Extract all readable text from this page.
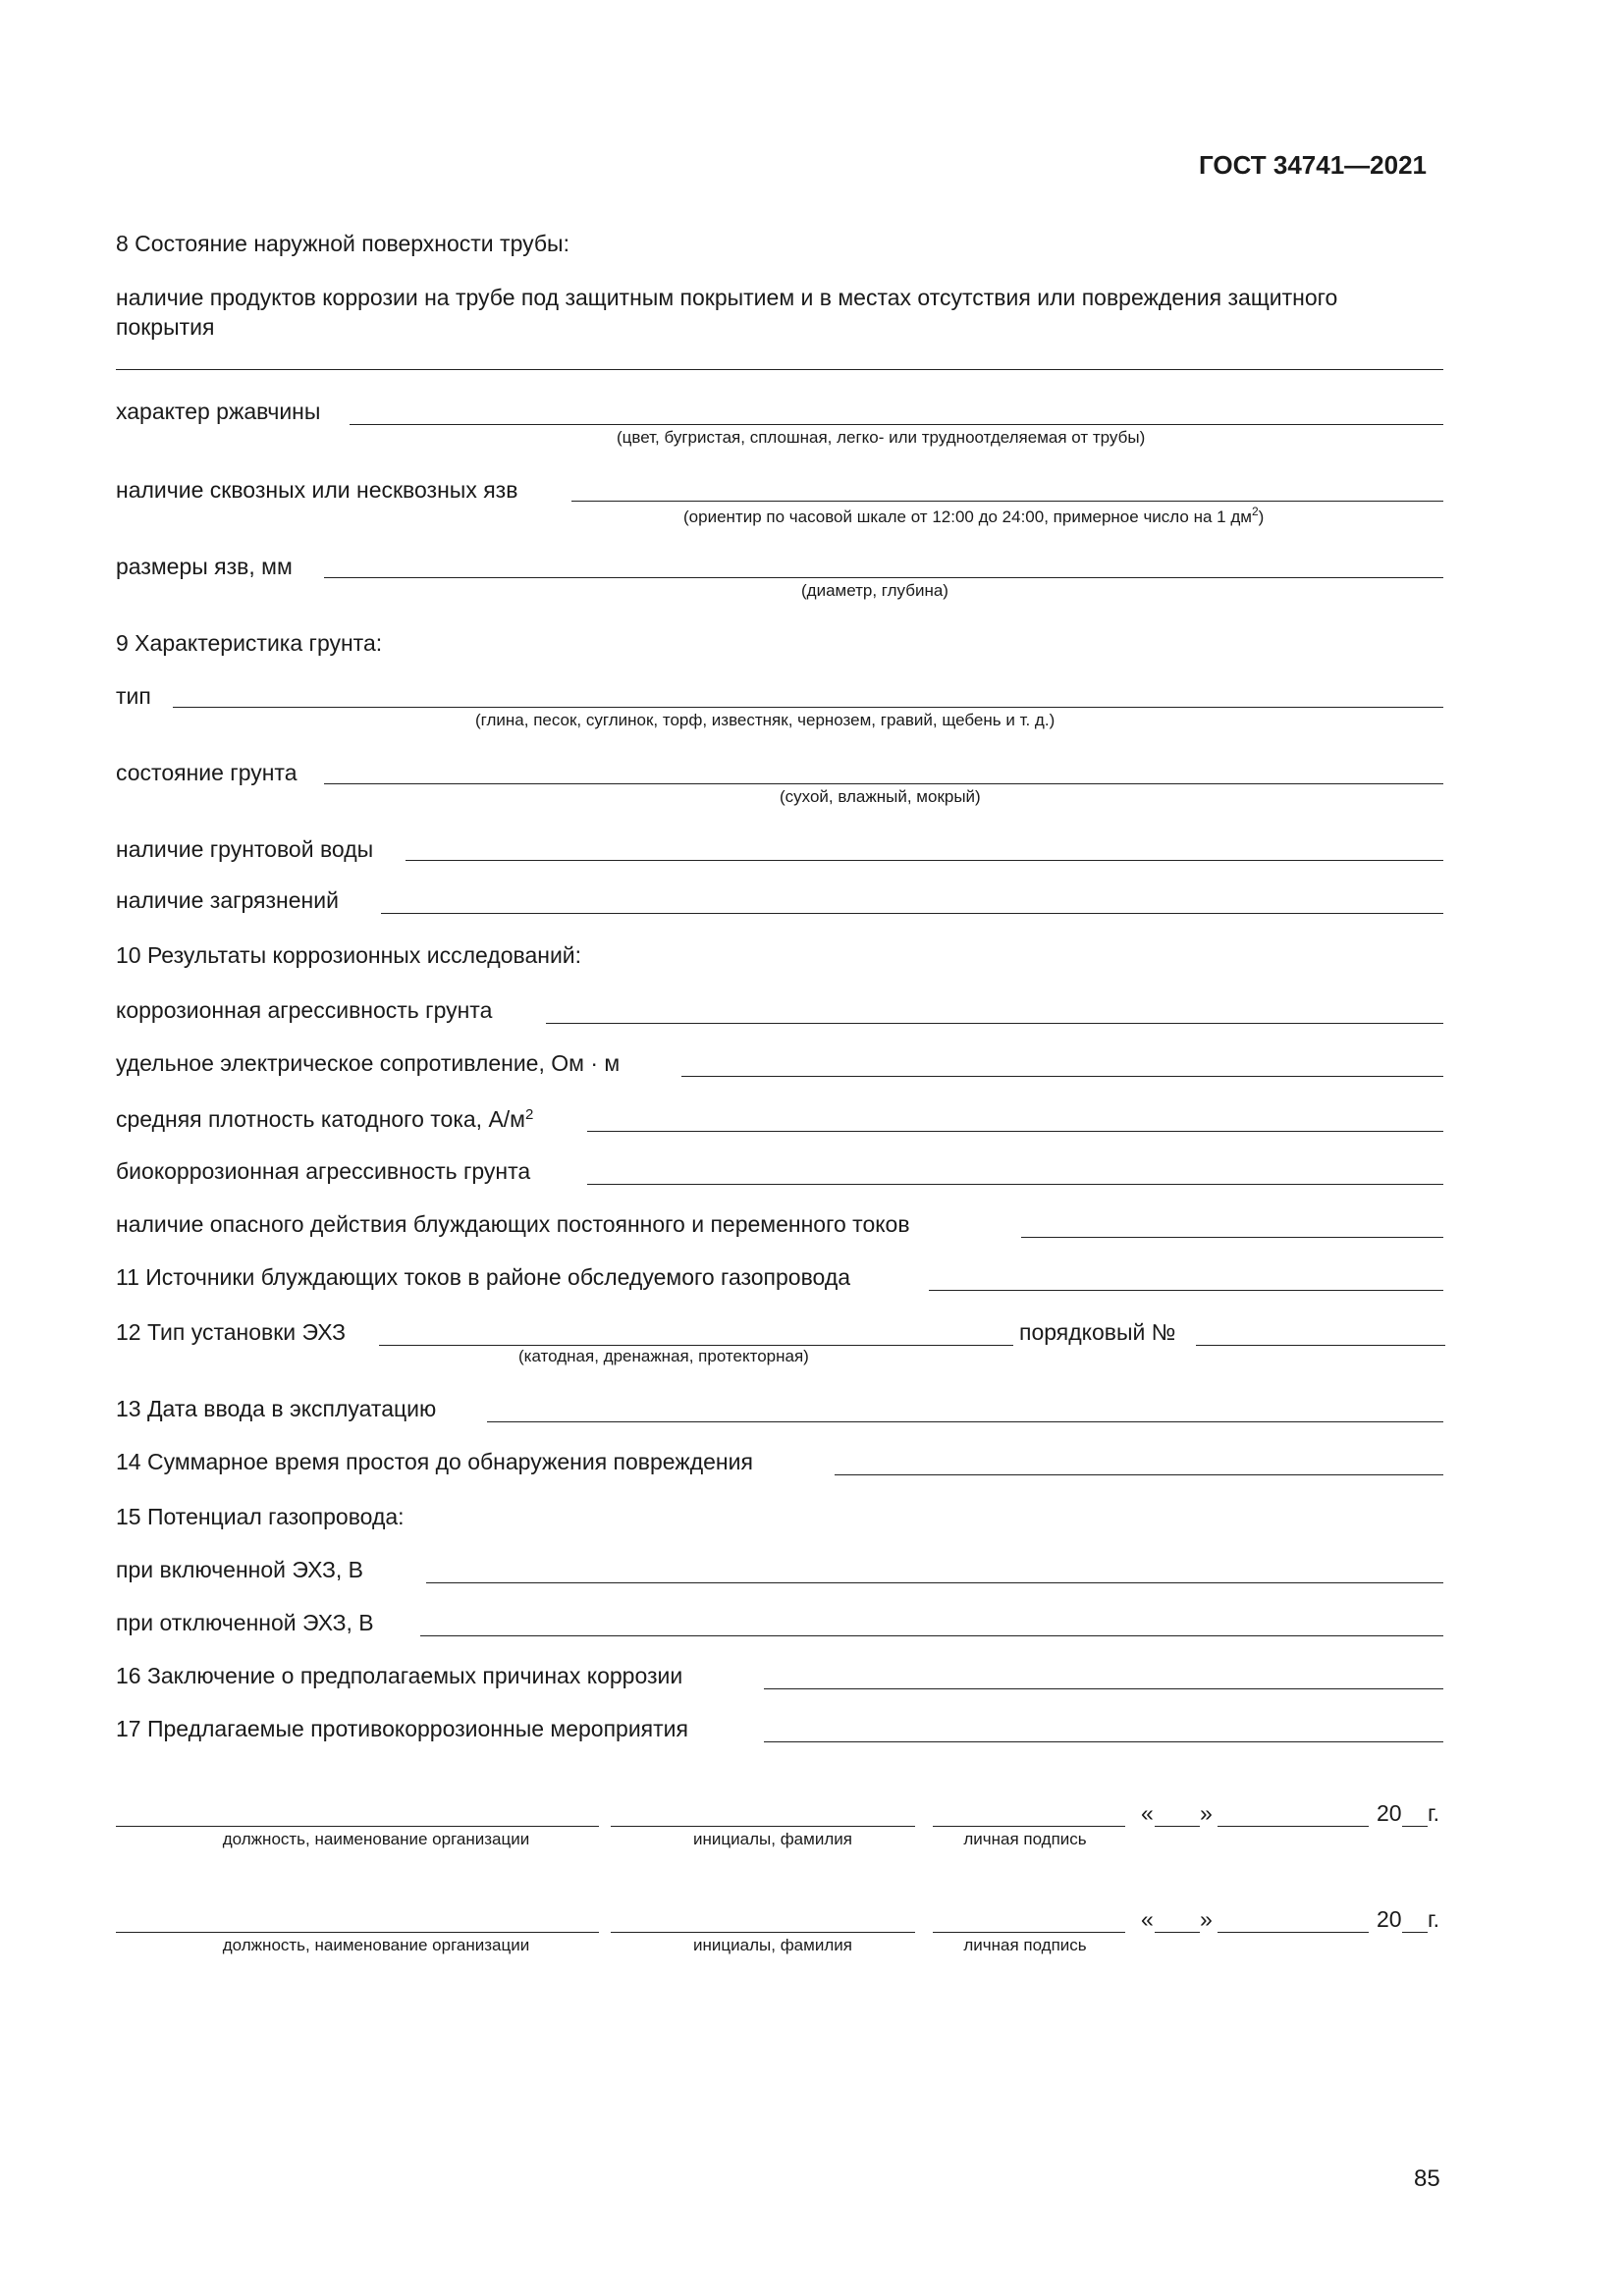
ГОСТ 34741—2021
8 Состояние наружной поверхности трубы:
наличие продуктов коррозии на трубе под защитным покрытием и в местах отсутствия или повреждения защитного
покрытия
характер ржавчины
(цвет, бугристая, сплошная, легко- или трудноотделяемая от трубы)
наличие сквозных или несквозных язв
(ориентир по часовой шкале от 12:00 до 24:00, примерное число на 1 $дм^2$)
размеры язв, мм
(диаметр, глубина)
9 Характеристика грунта:
тип
(глина, песок, суглинок, торф, известняк, чернозем, гравий, щебень и т. д.)
состояние грунта
(сухой, влажный, мокрый)
наличие грунтовой воды
наличие загрязнений
10 Результаты коррозионных исследований:
коррозионная агрессивность грунта
удельное электрическое сопротивление, Ом · м
средняя плотность катодного тока, $А/м^2$
биокоррозионная агрессивность грунта
наличие опасного действия блуждающих постоянного и переменного токов
11 Источники блуждающих токов в районе обследуемого газопровода
12 Тип установки ЭХЗ
(катодная, дренажная, протекторная)
порядковый №
13 Дата ввода в эксплуатацию
14 Суммарное время простоя до обнаружения повреждения
15 Потенциал газопровода:
при включенной ЭХЗ, В
при отключенной ЭХЗ, В
16 Заключение о предполагаемых причинах коррозии
17 Предлагаемые противокоррозионные мероприятия
должность, наименование организации	инициалы, фамилия	личная подпись
« »	20 г.
должность, наименование организации	инициалы, фамилия	личная подпись
« »	20 г.
85
